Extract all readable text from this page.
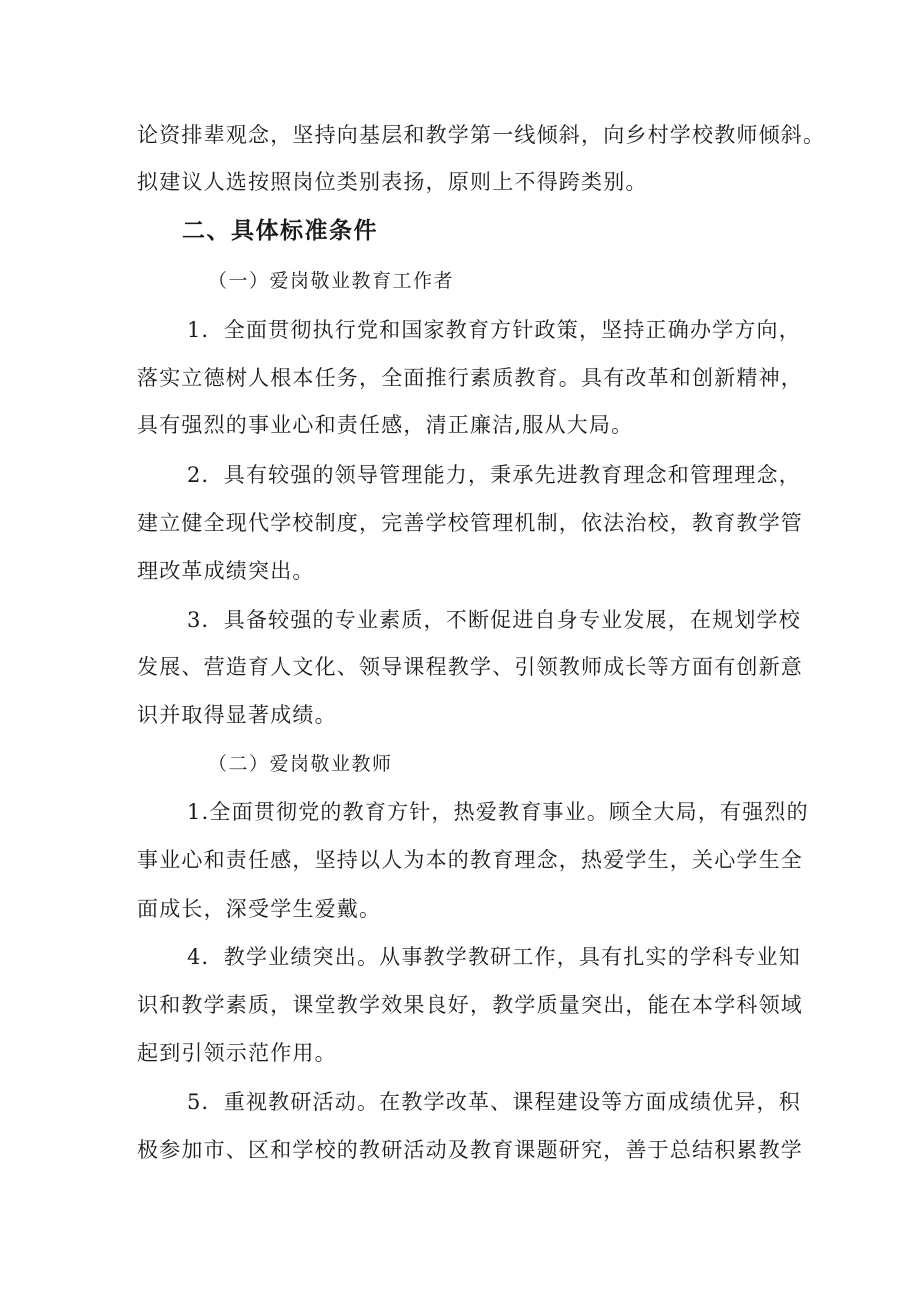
论资排辈观念，坚持向基层和教学第一线倾斜，向乡村学校教师倾斜。
拟建议人选按照岗位类别表扬，原则上不得跨类别。
二、具体标准条件
（一）爱岗敬业教育工作者
1．全面贯彻执行党和国家教育方针政策，坚持正确办学方向，
落实立德树人根本任务，全面推行素质教育。具有改革和创新精神，
具有强烈的事业心和责任感，清正廉洁,服从大局。
2．具有较强的领导管理能力，秉承先进教育理念和管理理念，
建立健全现代学校制度，完善学校管理机制，依法治校，教育教学管
理改革成绩突出。
3．具备较强的专业素质，不断促进自身专业发展，在规划学校
发展、营造育人文化、领导课程教学、引领教师成长等方面有创新意
识并取得显著成绩。
（二）爱岗敬业教师
1.全面贯彻党的教育方针，热爱教育事业。顾全大局，有强烈的
事业心和责任感，坚持以人为本的教育理念，热爱学生，关心学生全
面成长，深受学生爱戴。
4．教学业绩突出。从事教学教研工作，具有扎实的学科专业知
识和教学素质，课堂教学效果良好，教学质量突出，能在本学科领域
起到引领示范作用。
5．重视教研活动。在教学改革、课程建设等方面成绩优异，积
极参加市、区和学校的教研活动及教育课题研究，善于总结积累教学
